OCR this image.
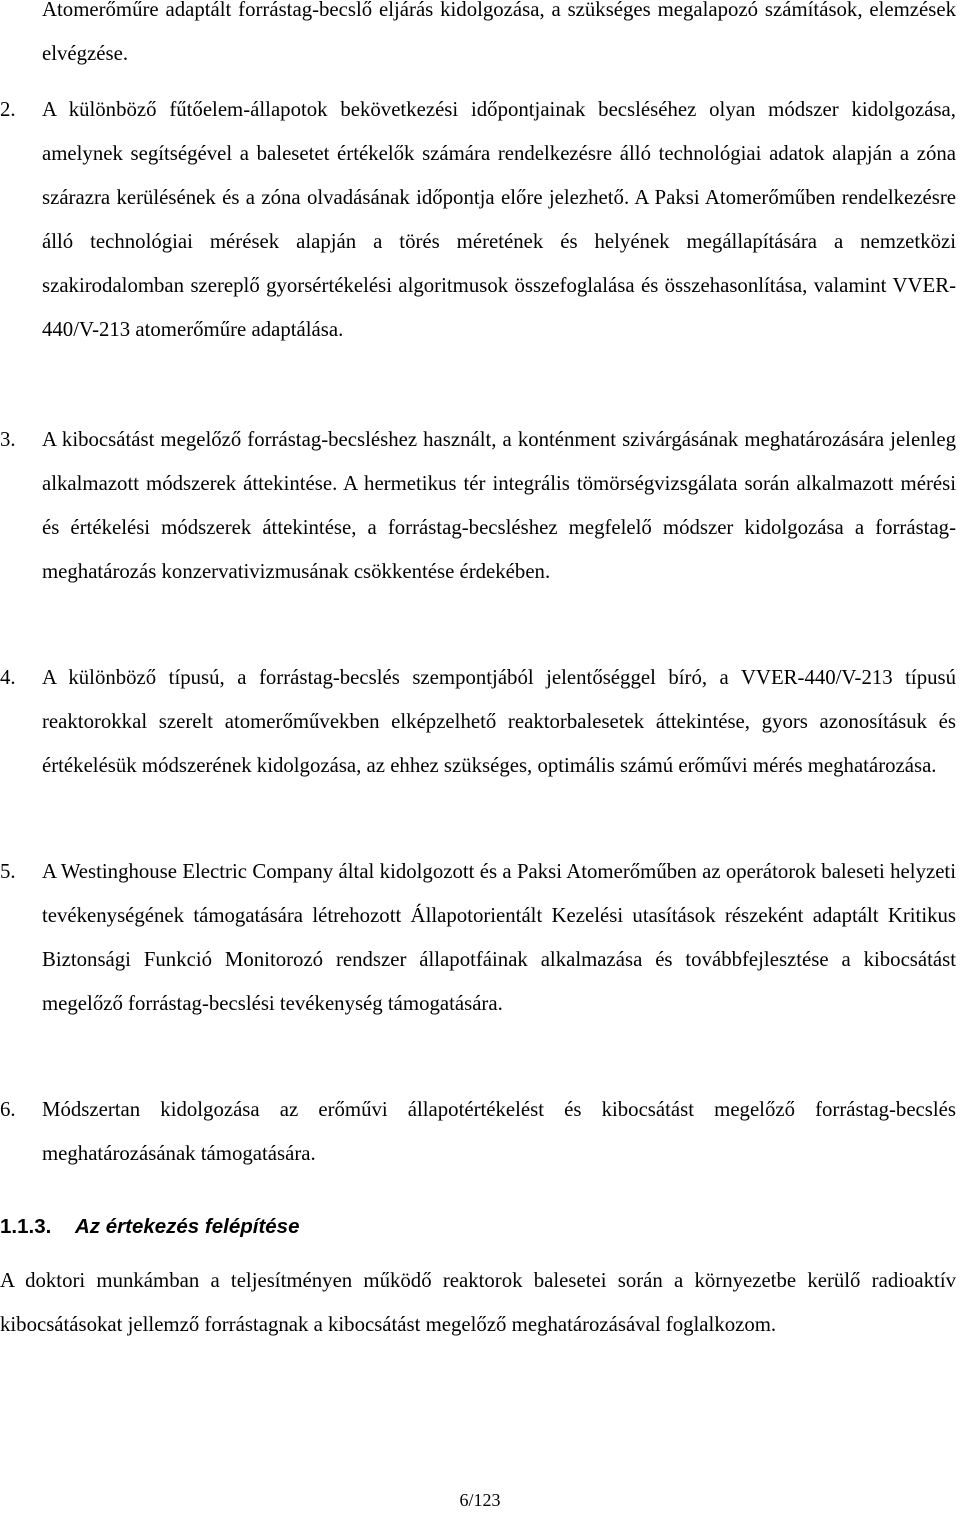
Atomerőműre adaptált forrástag-becslő eljárás kidolgozása, a szükséges megalapozó számítások, elemzések elvégzése.
2.	A különböző fűtőelem-állapotok bekövetkezési időpontjainak becsléséhez olyan módszer kidolgozása, amelynek segítségével a balesetet értékelők számára rendelkezésre álló technológiai adatok alapján a zóna szárazra kerülésének és a zóna olvadásának időpontja előre jelezhető. A Paksi Atomerőműben rendelkezésre álló technológiai mérések alapján a törés méretének és helyének megállapítására a nemzetközi szakirodalomban szereplő gyorsértékelési algoritmusok összefoglalása és összehasonlítása, valamint VVER-440/V-213 atomerőműre adaptálása.
3.	A kibocsátást megelőző forrástag-becsléshez használt, a konténment szivárgásának meghatározására jelenleg alkalmazott módszerek áttekintése. A hermetikus tér integrális tömörségvizsgálata során alkalmazott mérési és értékelési módszerek áttekintése, a forrástag-becsléshez megfelelő módszer kidolgozása a forrástag-meghatározás konzervativizmusának csökkentése érdekében.
4.	A különböző típusú, a forrástag-becslés szempontjából jelentőséggel bíró, a VVER-440/V-213 típusú reaktorokkal szerelt atomerőművekben elképzelhető reaktorbalesetek áttekintése, gyors azonosításuk és értékelésük módszerének kidolgozása, az ehhez szükséges, optimális számú erőművi mérés meghatározása.
5.	A Westinghouse Electric Company által kidolgozott és a Paksi Atomerőműben az operátorok baleseti helyzeti tevékenységének támogatására létrehozott Állapotorientált Kezelési utasítások részeként adaptált Kritikus Biztonsági Funkció Monitorozó rendszer állapotfáinak alkalmazása és továbbfejlesztése a kibocsátást megelőző forrástag-becslési tevékenység támogatására.
6.	Módszertan kidolgozása az erőművi állapotértékelést és kibocsátást megelőző forrástag-becslés meghatározásának támogatására.
1.1.3. Az értekezés felépítése
A doktori munkámban a teljesítményen működő reaktorok balesetei során a környezetbe kerülő radioaktív kibocsátásokat jellemző forrástagnak a kibocsátást megelőző meghatározásával foglalkozom.
6/123
